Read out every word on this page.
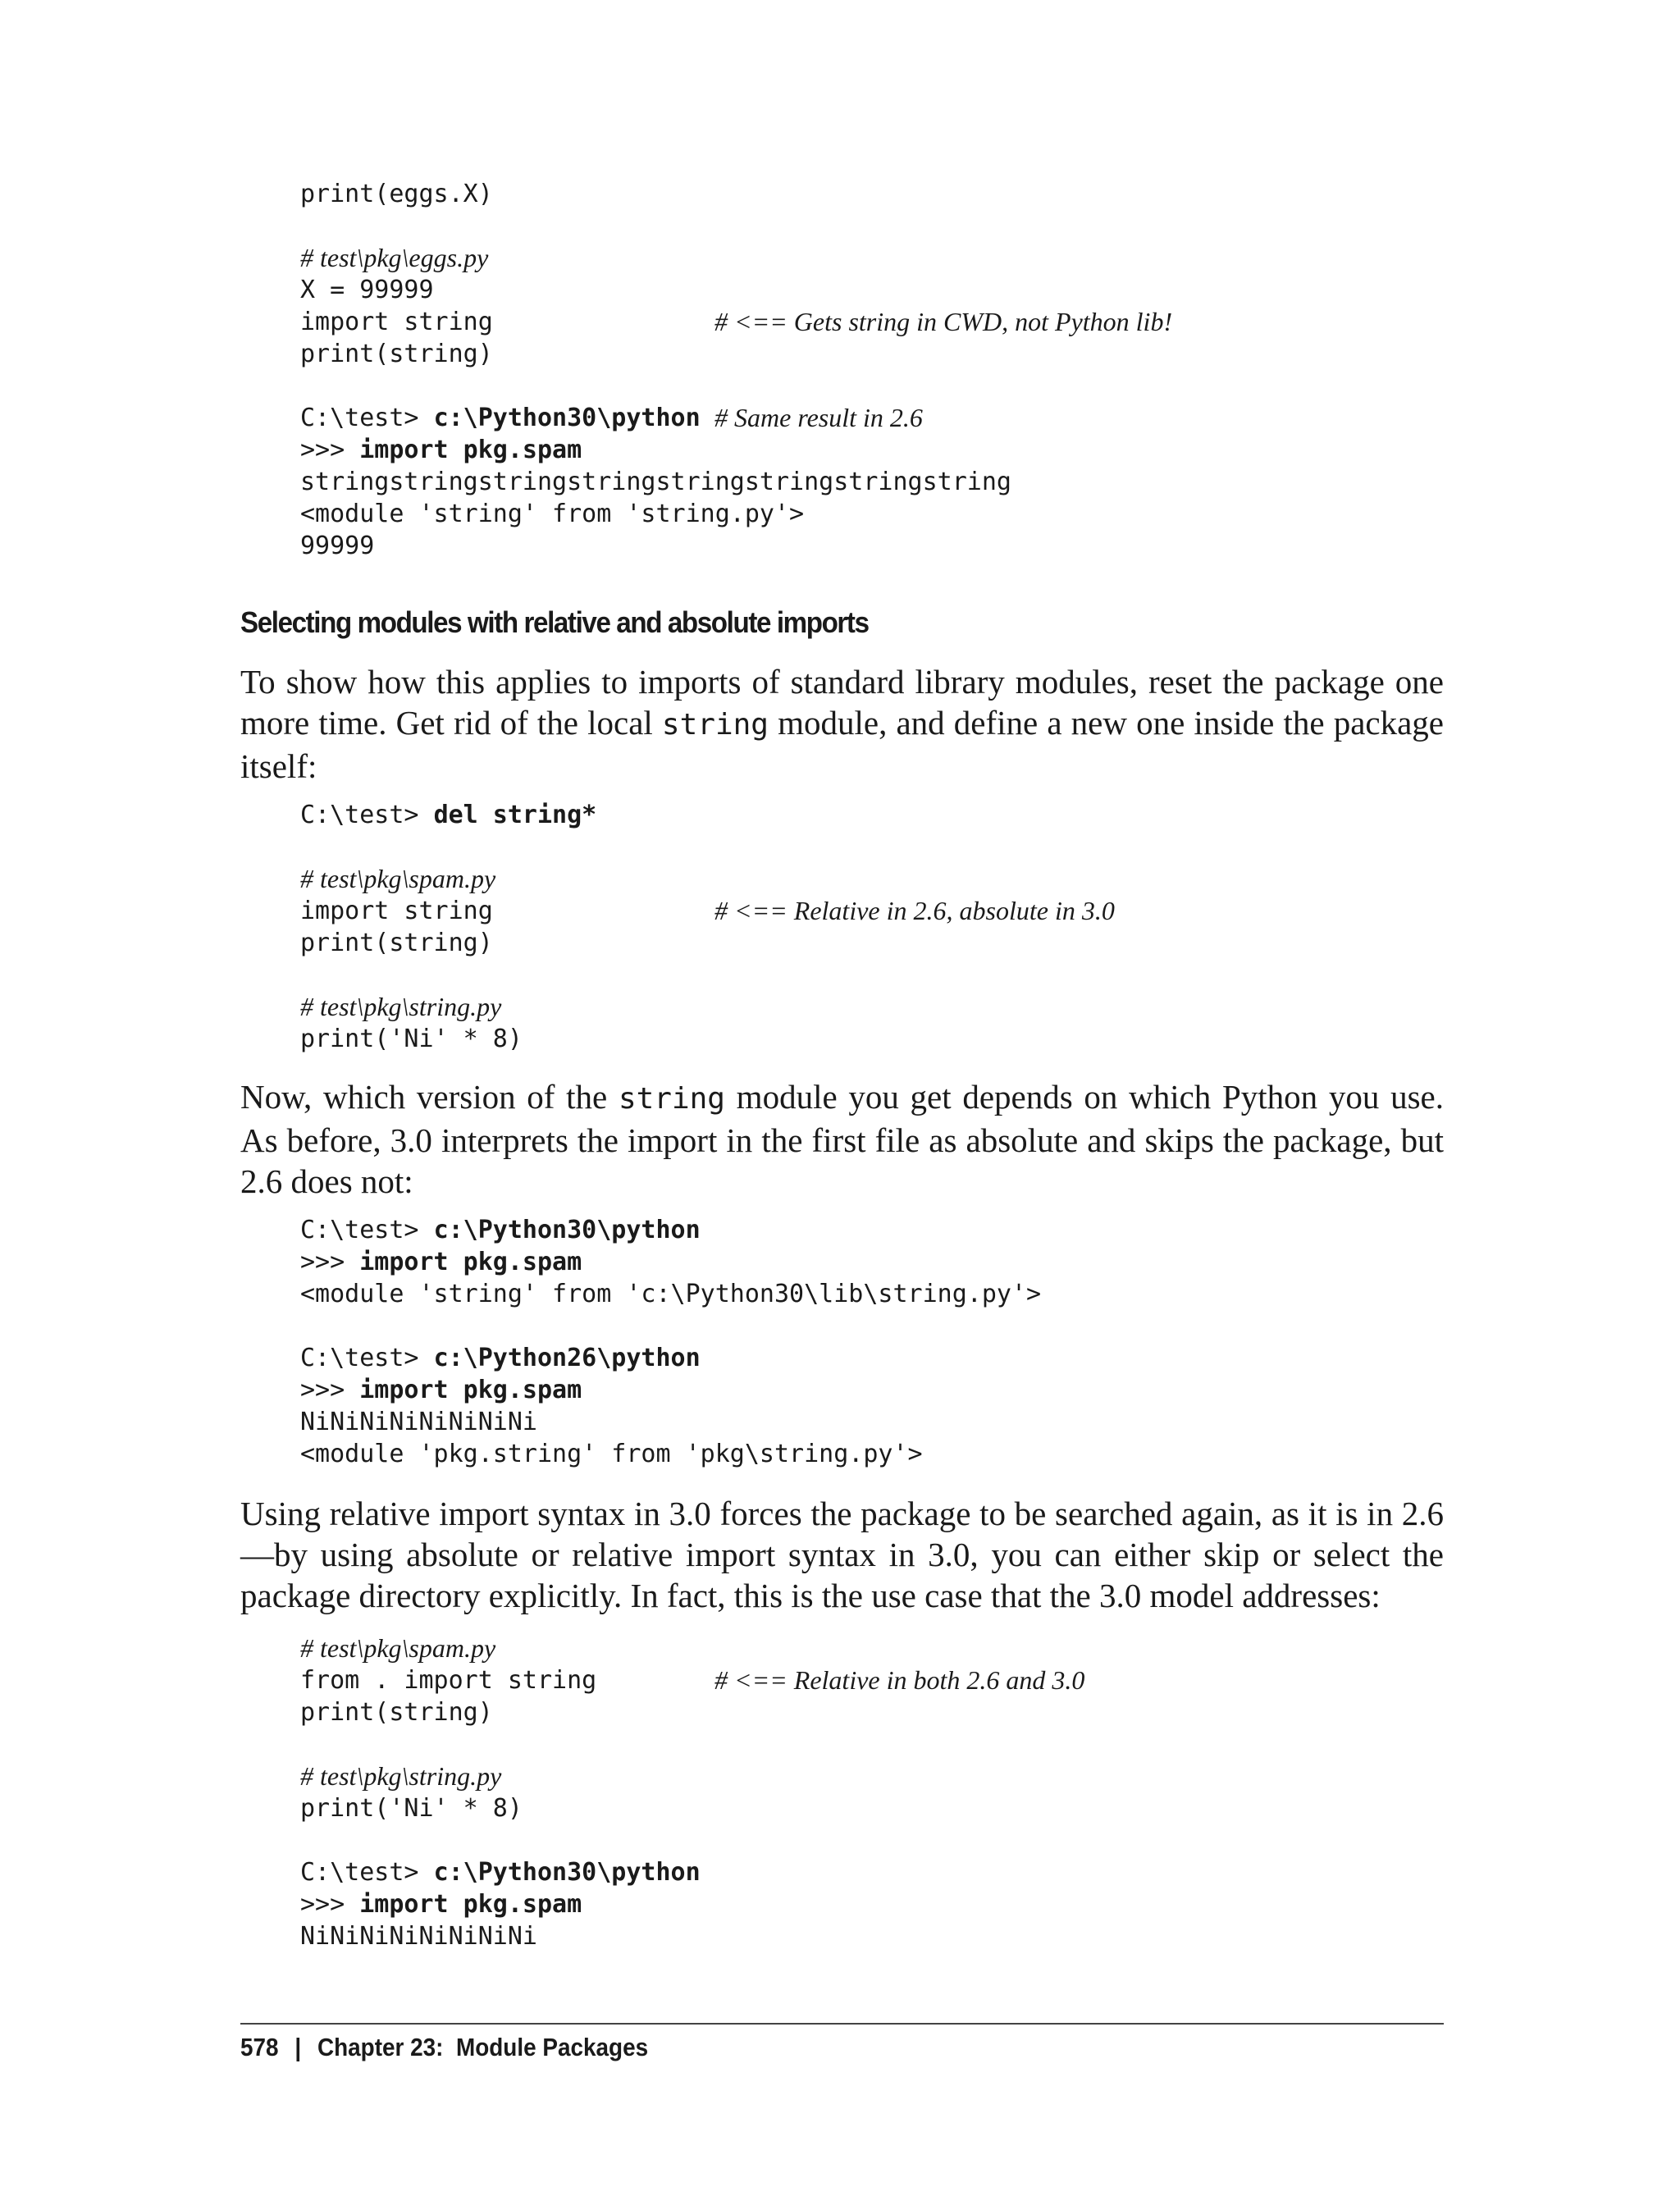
print(eggs.X)
# test\pkg\eggs.py
X = 99999
import string	# <== Gets string in CWD, not Python lib!
print(string)
C:\test> c:\Python30\python # Same result in 2.6
>>> import pkg.spam
stringstringstringstringstringstringstringstring
<module 'string' from 'string.py'>
99999
Selecting modules with relative and absolute imports

To show how this applies to imports of standard library modules, reset the package one more time. Get rid of the local string module, and define a new one inside the package itself:

C:\test> del string*
# test\pkg\spam.py
import string	# <== Relative in 2.6, absolute in 3.0
print(string)
# test\pkg\string.py
print('Ni' * 8)

Now, which version of the string module you get depends on which Python you use. As before, 3.0 interprets the import in the first file as absolute and skips the package, but 2.6 does not:

C:\test> c:\Python30\python
>>> import pkg.spam
<module 'string' from 'c:\Python30\lib\string.py'>
C:\test> c:\Python26\python
>>> import pkg.spam
NiNiNiNiNiNiNiNi
<module 'pkg.string' from 'pkg\string.py'>

Using relative import syntax in 3.0 forces the package to be searched again, as it is in 2.6—by using absolute or relative import syntax in 3.0, you can either skip or select the package directory explicitly. In fact, this is the use case that the 3.0 model addresses:

# test\pkg\spam.py
from . import string	# <== Relative in both 2.6 and 3.0
print(string)
# test\pkg\string.py
print('Ni' * 8)
C:\test> c:\Python30\python
>>> import pkg.spam
NiNiNiNiNiNiNiNi
578 | Chapter 23:  Module Packages
